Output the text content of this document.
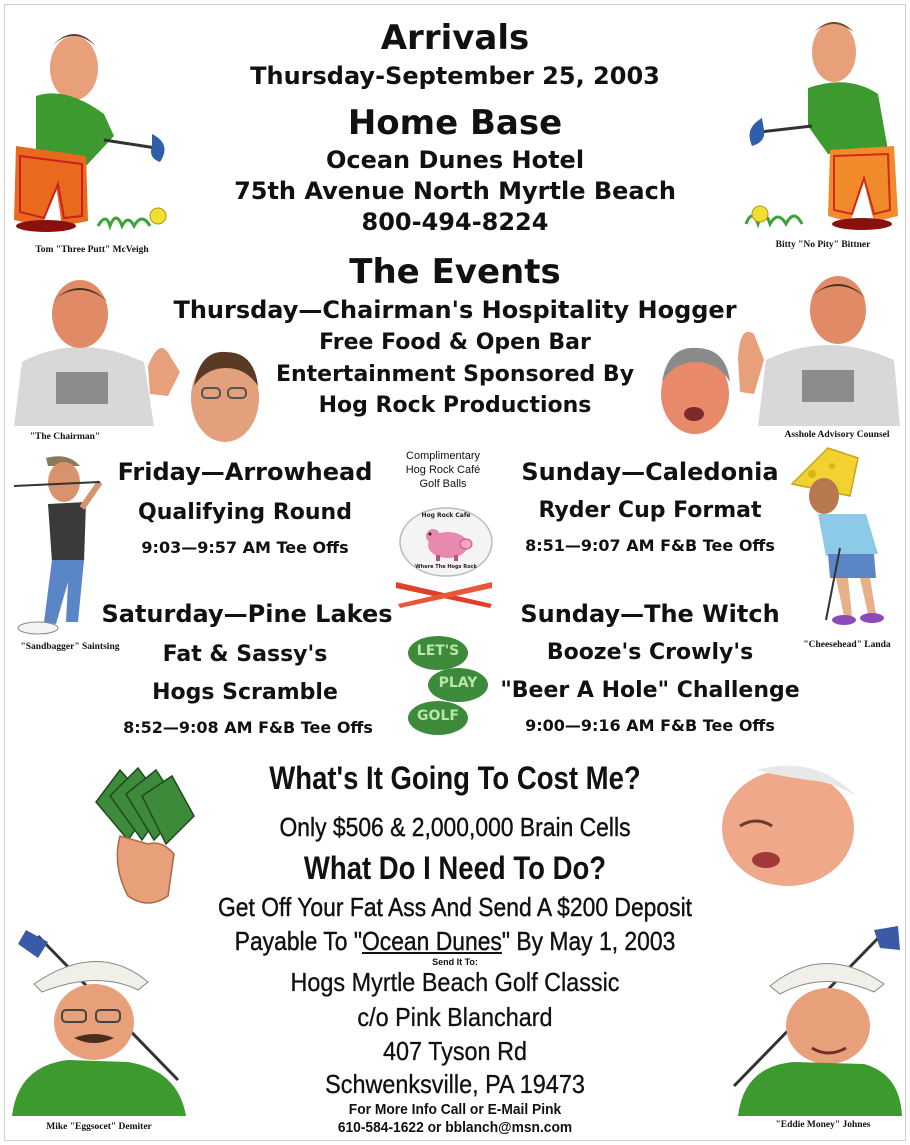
Arrivals
Thursday-September 25, 2003
Home Base
Ocean Dunes Hotel
75th Avenue North Myrtle Beach
800-494-8224
The Events
Thursday—Chairman's Hospitality Hogger
Free Food & Open Bar
Entertainment Sponsored By
Hog Rock Productions
Friday—Arrowhead
Qualifying Round
9:03—9:57 AM Tee Offs
Sunday—Caledonia
Ryder Cup Format
8:51—9:07 AM F&B Tee Offs
Complimentary
Hog Rock Café
Golf Balls
Hog Rock Cafe
Where The Hogs Rock
Saturday—Pine Lakes
Fat & Sassy's
Hogs Scramble
8:52—9:08 AM F&B Tee Offs
Sunday—The Witch
Booze's Crowly's
"Beer A Hole" Challenge
9:00—9:16 AM F&B Tee Offs
LET'S
PLAY
GOLF
What's It Going To Cost Me?
Only $506 & 2,000,000 Brain Cells
What Do I Need To Do?
Get Off Your Fat Ass And Send A $200 Deposit
Payable To "Ocean Dunes" By May 1, 2003
Send It To:
Hogs Myrtle Beach Golf Classic
c/o Pink Blanchard
407 Tyson Rd
Schwenksville, PA 19473
For More Info Call or E-Mail Pink
610-584-1622 or bblanch@msn.com
Tom "Three Putt" McVeigh	Bitty "No Pity" Bittner
"The Chairman"	Asshole Advisory Counsel
"Sandbagger" Saintsing	"Cheesehead" Landa
Mike "Eggsocet" Demiter	"Eddie Money" Johnes
